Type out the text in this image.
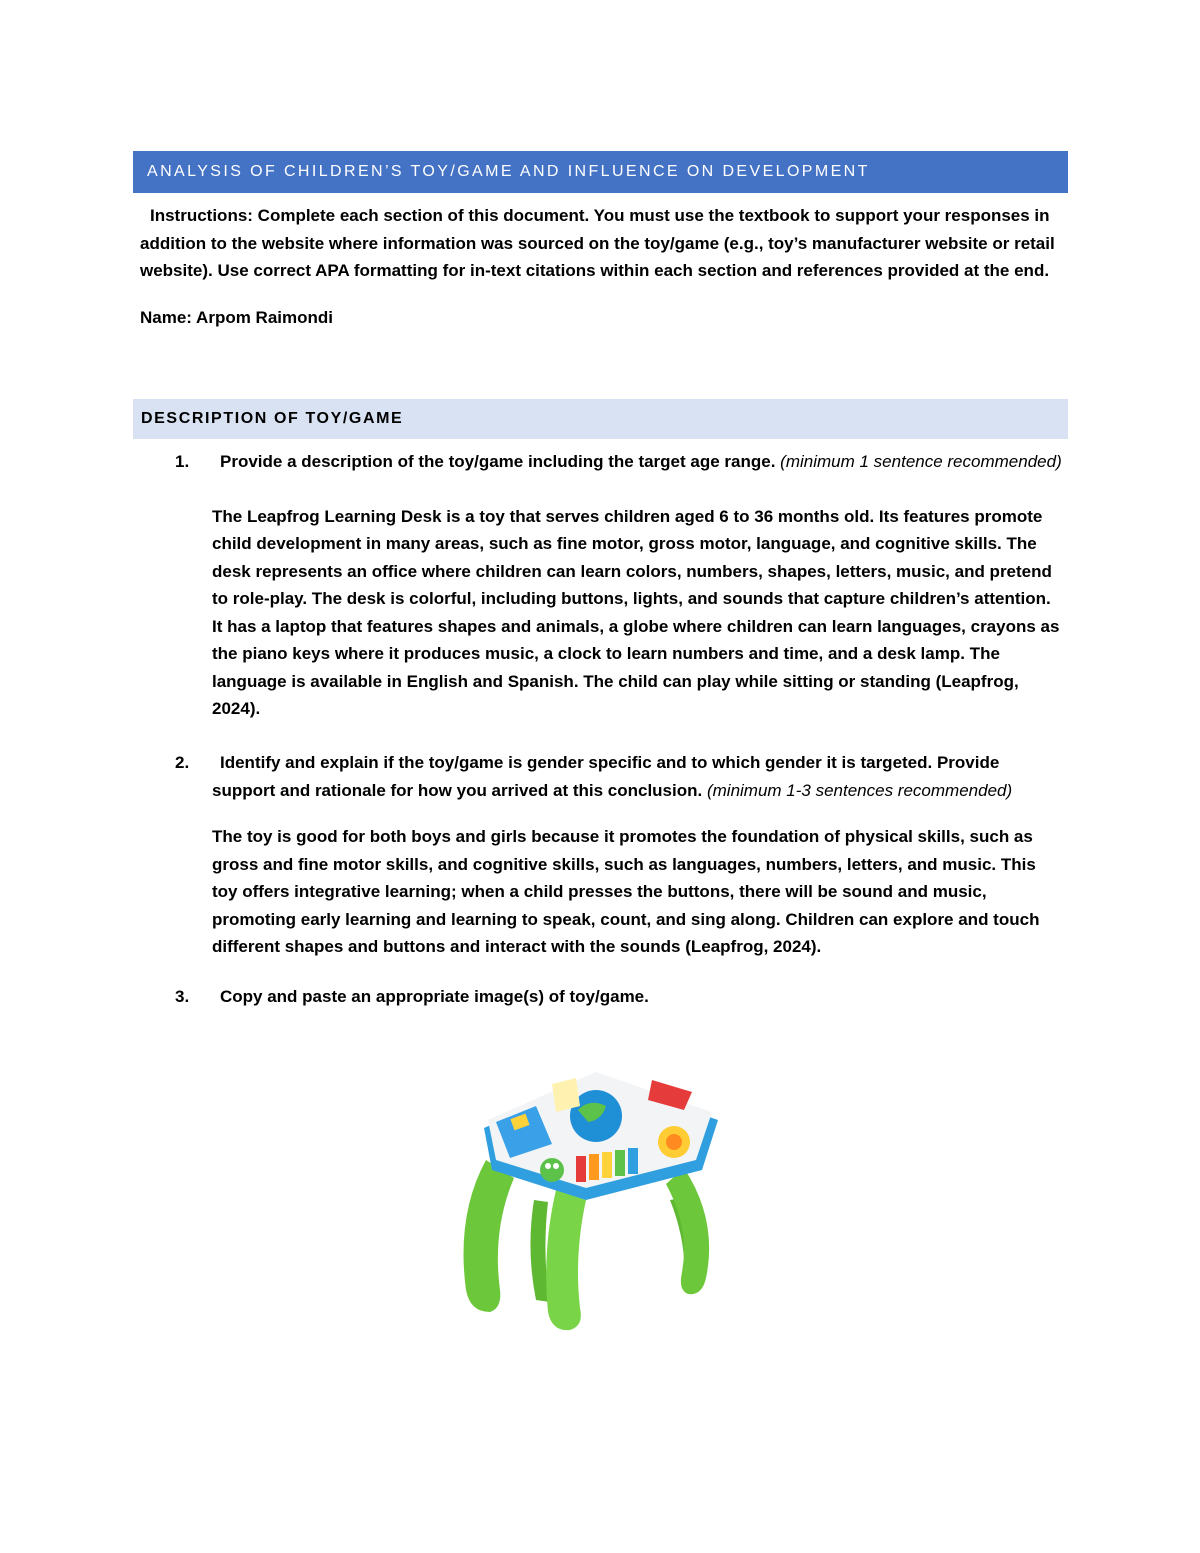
ANALYSIS OF CHILDREN’S TOY/GAME AND INFLUENCE ON DEVELOPMENT
Instructions: Complete each section of this document. You must use the textbook to support your responses in addition to the website where information was sourced on the toy/game (e.g., toy’s manufacturer website or retail website). Use correct APA formatting for in-text citations within each section and references provided at the end.
Name: Arpom Raimondi
DESCRIPTION OF TOY/GAME
1.	Provide a description of the toy/game including the target age range. (minimum 1 sentence recommended)
The Leapfrog Learning Desk is a toy that serves children aged 6 to 36 months old. Its features promote child development in many areas, such as fine motor, gross motor, language, and cognitive skills. The desk represents an office where children can learn colors, numbers, shapes, letters, music, and pretend to role-play. The desk is colorful, including buttons, lights, and sounds that capture children’s attention. It has a laptop that features shapes and animals, a globe where children can learn languages, crayons as the piano keys where it produces music, a clock to learn numbers and time, and a desk lamp. The language is available in English and Spanish. The child can play while sitting or standing (Leapfrog, 2024).
2.	Identify and explain if the toy/game is gender specific and to which gender it is targeted. Provide support and rationale for how you arrived at this conclusion. (minimum 1-3 sentences recommended)
The toy is good for both boys and girls because it promotes the foundation of physical skills, such as gross and fine motor skills, and cognitive skills, such as languages, numbers, letters, and music. This toy offers integrative learning; when a child presses the buttons, there will be sound and music, promoting early learning and learning to speak, count, and sing along. Children can explore and touch different shapes and buttons and interact with the sounds (Leapfrog, 2024).
3.	Copy and paste an appropriate image(s) of toy/game.
